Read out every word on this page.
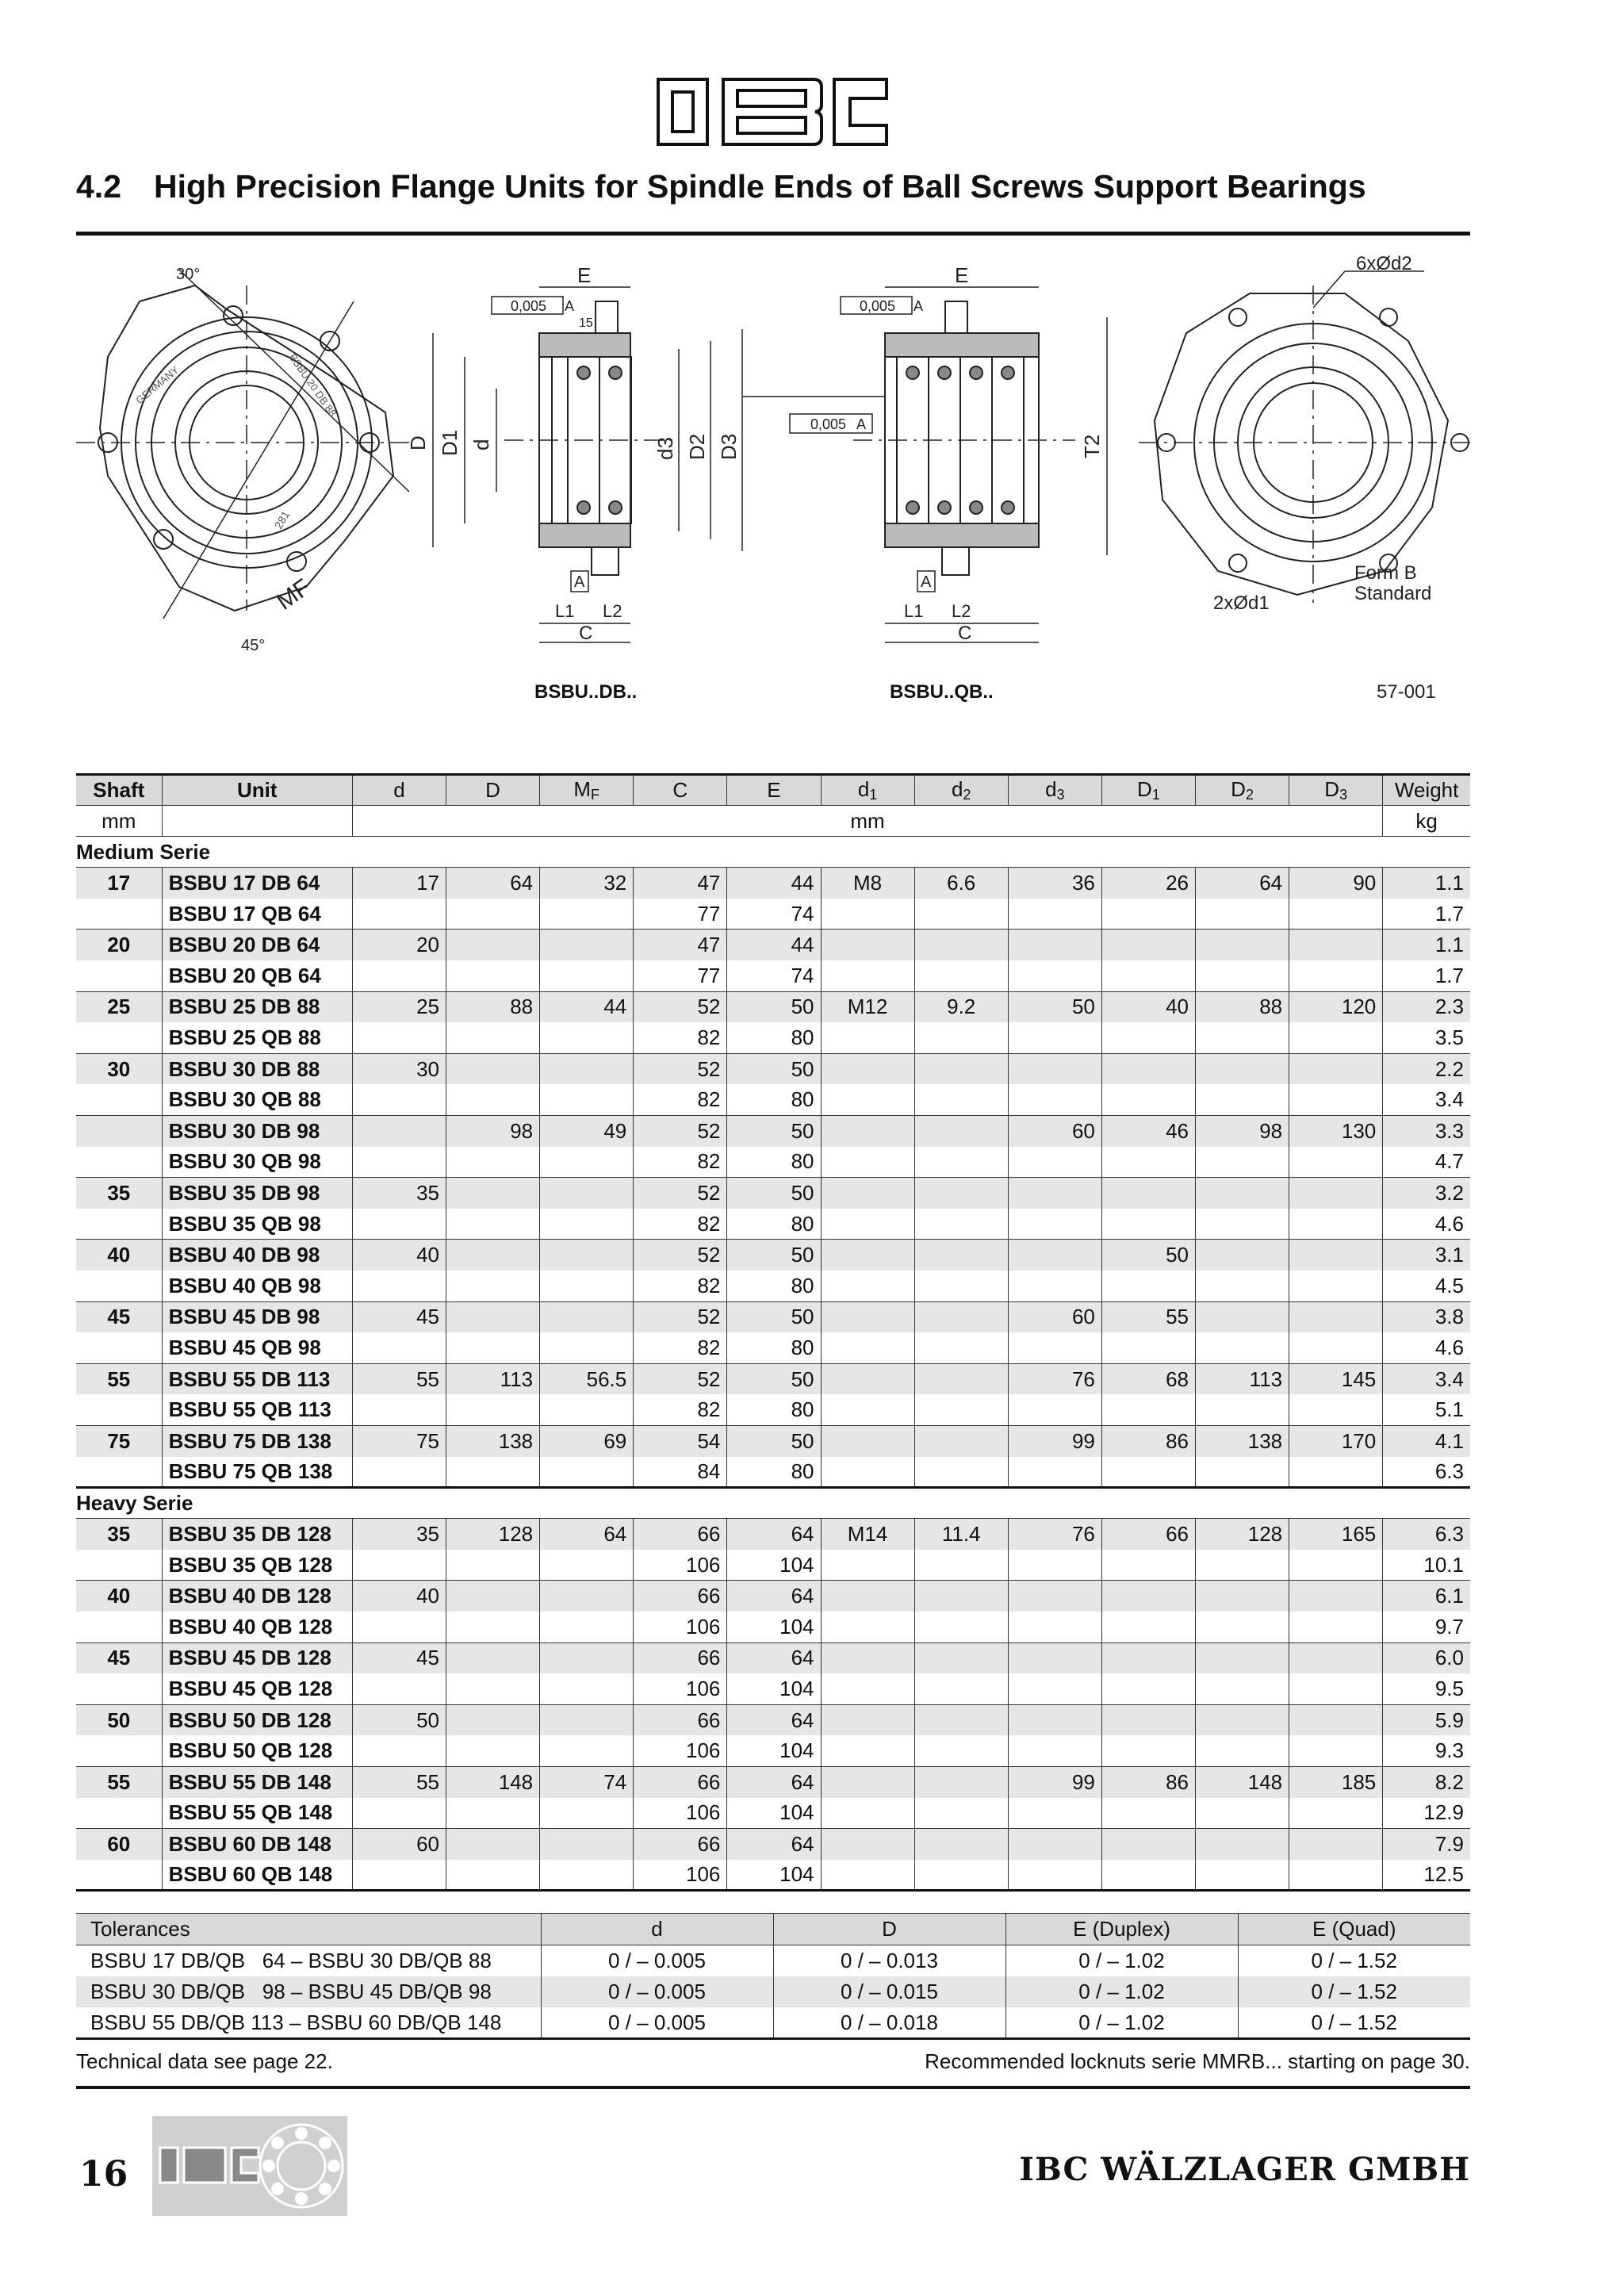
4.2 High Precision Flange Units for Spindle Ends of Ball Screws Support Bearings
30°
45°
MF
GERMANY	BSBU 20 DB 88
281
E
0,005 A
15
D D1 d	d3 D2 D3
A
L1 L2
C
BSBU..DB..
E
0,005 A
0,005 A
T2
A
L1 L2
C
BSBU..QB..
6xØd2
2xØd1
Form B
Standard
57-001
Shaft	Unit	d	D	$M_F$	C	E	$d_1$	$d_2$	$d_3$	$D_1$	$D_2$	$D_3$	Weight
mm		mm											kg
Medium Serie													
17	BSBU 17 DB 64	17	64	32	47	44	M8	6.6	36	26	64	90	1.1
	BSBU 17 QB 64				77	74							1.7
20	BSBU 20 DB 64	20			47	44							1.1
	BSBU 20 QB 64				77	74							1.7
25	BSBU 25 DB 88	25	88	44	52	50	M12	9.2	50	40	88	120	2.3
	BSBU 25 QB 88				82	80							3.5
30	BSBU 30 DB 88	30			52	50							2.2
	BSBU 30 QB 88				82	80							3.4
	BSBU 30 DB 98		98	49	52	50			60	46	98	130	3.3
	BSBU 30 QB 98				82	80							4.7
35	BSBU 35 DB 98	35			52	50							3.2
	BSBU 35 QB 98				82	80							4.6
40	BSBU 40 DB 98	40			52	50				50			3.1
	BSBU 40 QB 98				82	80							4.5
45	BSBU 45 DB 98	45			52	50			60	55			3.8
	BSBU 45 QB 98				82	80							4.6
55	BSBU 55 DB 113	55	113	56.5	52	50			76	68	113	145	3.4
	BSBU 55 QB 113				82	80							5.1
75	BSBU 75 DB 138	75	138	69	54	50			99	86	138	170	4.1
	BSBU 75 QB 138				84	80							6.3
Heavy Serie													
35	BSBU 35 DB 128	35	128	64	66	64	M14	11.4	76	66	128	165	6.3
	BSBU 35 QB 128				106	104							10.1
40	BSBU 40 DB 128	40			66	64							6.1
	BSBU 40 QB 128				106	104							9.7
45	BSBU 45 DB 128	45			66	64							6.0
	BSBU 45 QB 128				106	104							9.5
50	BSBU 50 DB 128	50			66	64							5.9
	BSBU 50 QB 128				106	104							9.3
55	BSBU 55 DB 148	55	148	74	66	64			99	86	148	185	8.2
	BSBU 55 QB 148				106	104							12.9
60	BSBU 60 DB 148	60			66	64							7.9
	BSBU 60 QB 148				106	104							12.5
Tolerances	d	D	E (Duplex)	E (Quad)
BSBU 17 DB/QB   64 – BSBU 30 DB/QB 88	0 / – 0.005	0 / – 0.013	0 / – 1.02	0 / – 1.52
BSBU 30 DB/QB   98 – BSBU 45 DB/QB 98	0 / – 0.005	0 / – 0.015	0 / – 1.02	0 / – 1.52
BSBU 55 DB/QB 113 – BSBU 60 DB/QB 148	0 / – 0.005	0 / – 0.018	0 / – 1.02	0 / – 1.52
Technical data see page 22.	Recommended locknuts serie MMRB... starting on page 30.
16	IBC WÄLZLAGER GMBH
